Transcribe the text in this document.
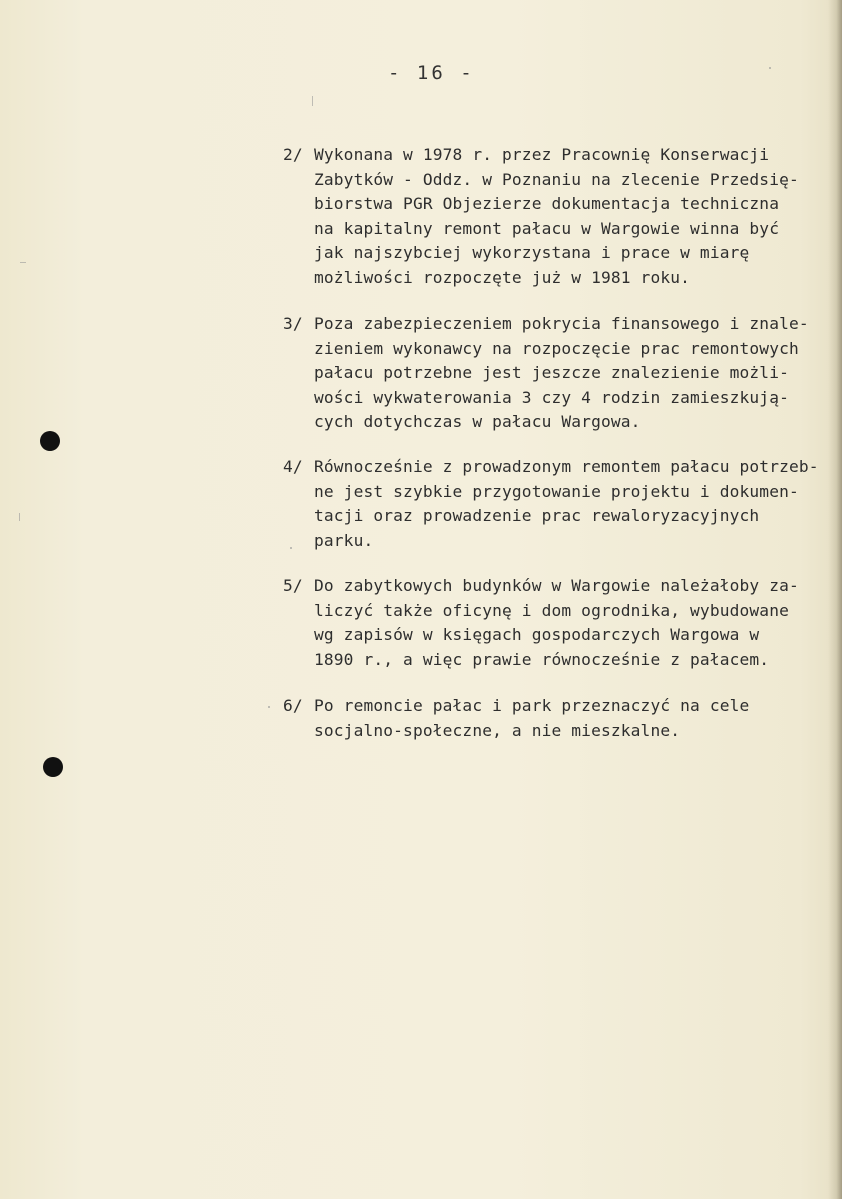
- 16 -
2/ Wykonana w 1978 r. przez Pracownię Konserwacji
Zabytków - Oddz. w Poznaniu na zlecenie Przedsię-
biorstwa PGR Objezierze dokumentacja techniczna
na kapitalny remont pałacu w Wargowie winna być
jak najszybciej wykorzystana i prace w miarę
możliwości rozpoczęte już w 1981 roku.
3/ Poza zabezpieczeniem pokrycia finansowego i znale-
zieniem wykonawcy na rozpoczęcie prac remontowych
pałacu potrzebne jest jeszcze znalezienie możli-
wości wykwaterowania 3 czy 4 rodzin zamieszkują-
cych dotychczas w pałacu Wargowa.
4/ Równocześnie z prowadzonym remontem pałacu potrzeb-
ne jest szybkie przygotowanie projektu i dokumen-
tacji oraz prowadzenie prac rewaloryzacyjnych
parku.
5/ Do zabytkowych budynków w Wargowie należałoby za-
liczyć także oficynę i dom ogrodnika, wybudowane
wg zapisów w księgach gospodarczych Wargowa w
1890 r., a więc prawie równocześnie z pałacem.
6/ Po remoncie pałac i park przeznaczyć na cele
socjalno-społeczne, a nie mieszkalne.
